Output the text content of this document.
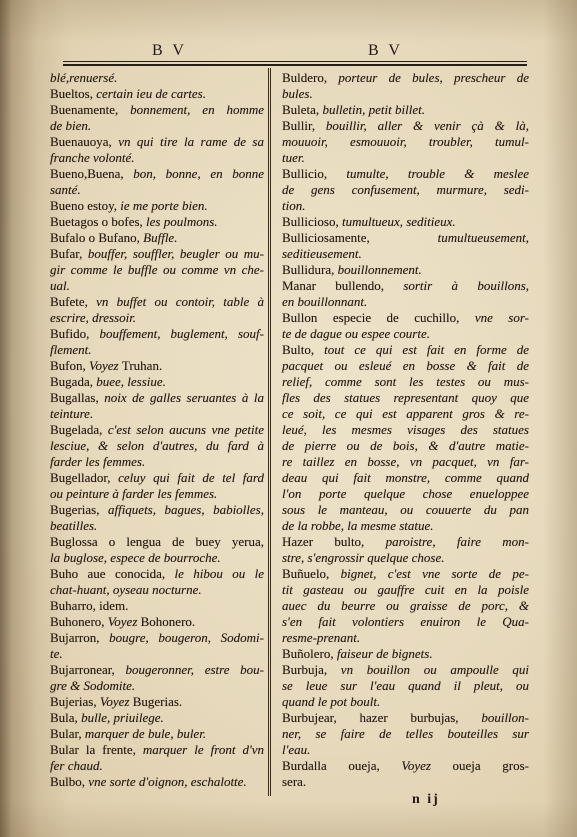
B V	B V
blé,renuersé.
Bueltos, certain ieu de cartes.
Buenamente, bonnement, en homme
de bien.
Buenauoya, vn qui tire la rame de sa
franche volonté.
Bueno,Buena, bon, bonne, en bonne
santé.
Bueno estoy, ie me porte bien.
Buetagos o bofes, les poulmons.
Bufalo o Bufano, Buffle.
Bufar, bouffer, souffler, beugler ou mu-
gir comme le buffle ou comme vn che-
ual.
Bufete, vn buffet ou contoir, table à
escrire, dressoir.
Bufido, bouffement, buglement, souf-
flement.
Bufon, Voyez Truhan.
Bugada, buee, lessiue.
Bugallas, noix de galles seruantes à la
teinture.
Bugelada, c'est selon aucuns vne petite
lesciue, & selon d'autres, du fard à
farder les femmes.
Bugellador, celuy qui fait de tel fard
ou peinture à farder les femmes.
Bugerias, affiquets, bagues, babiolles,
beatilles.
Buglossa o lengua de buey yerua,
la buglose, espece de bourroche.
Buho aue conocida, le hibou ou le
chat-huant, oyseau nocturne.
Buharro, idem.
Buhonero, Voyez Bohonero.
Bujarron, bougre, bougeron, Sodomi-
te.
Bujarronear, bougeronner, estre bou-
gre & Sodomite.
Bujerias, Voyez Bugerias.
Bula, bulle, priuilege.
Bular, marquer de bule, buler.
Bular la frente, marquer le front d'vn
fer chaud.
Bulbo, vne sorte d'oignon, eschalotte.
Buldero, porteur de bules, prescheur de
bules.
Buleta, bulletin, petit billet.
Bullir, bouillir, aller & venir çà & là,
mouuoir, esmouuoir, troubler, tumul-
tuer.
Bullicio, tumulte, trouble & meslee
de gens confusement, murmure, sedi-
tion.
Bullicioso, tumultueux, seditieux.
Bulliciosamente, tumultueusement,
seditieusement.
Bullidura, bouillonnement.
Manar bullendo, sortir à bouillons,
en bouillonnant.
Bullon especie de cuchillo, vne sor-
te de dague ou espee courte.
Bulto, tout ce qui est fait en forme de
pacquet ou esleué en bosse & fait de
relief, comme sont les testes ou mus-
fles des statues representant quoy que
ce soit, ce qui est apparent gros & re-
leué, les mesmes visages des statues
de pierre ou de bois, & d'autre matie-
re taillez en bosse, vn pacquet, vn far-
deau qui fait monstre, comme quand
l'on porte quelque chose enueloppee
sous le manteau, ou couuerte du pan
de la robbe, la mesme statue.
Hazer bulto, paroistre, faire mon-
stre, s'engrossir quelque chose.
Buñuelo, bignet, c'est vne sorte de pe-
tit gasteau ou gauffre cuit en la poisle
auec du beurre ou graisse de porc, &
s'en fait volontiers enuiron le Qua-
resme-prenant.
Buñolero, faiseur de bignets.
Burbuja, vn bouillon ou ampoulle qui
se leue sur l'eau quand il pleut, ou
quand le pot boult.
Burbujear, hazer burbujas, bouillon-
ner, se faire de telles bouteilles sur
l'eau.
Burdalla oueja, Voyez oueja gros-
sera.
n ij
